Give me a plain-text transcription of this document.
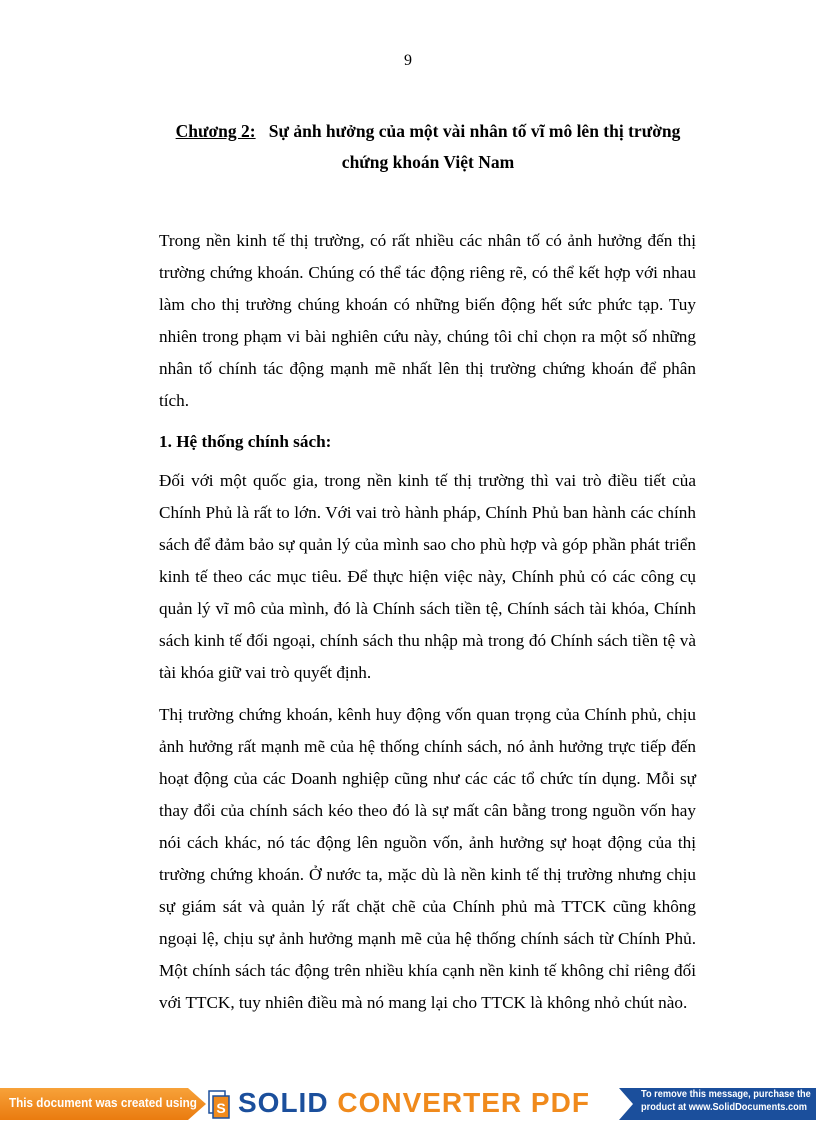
9
Chương 2: Sự ảnh hưởng của một vài nhân tố vĩ mô lên thị trường
chứng khoán Việt Nam

Trong nền kinh tế thị trường, có rất nhiều các nhân tố có ảnh hưởng đến thị trường chứng khoán. Chúng có thể tác động riêng rẽ, có thể kết hợp với nhau làm cho thị trường chúng khoán có những biến động hết sức phức tạp. Tuy nhiên trong phạm vi bài nghiên cứu này, chúng tôi chỉ chọn ra một số những nhân tố chính tác động mạnh mẽ nhất lên thị trường chứng khoán để phân tích.

1. Hệ thống chính sách:

Đối với một quốc gia, trong nền kinh tế thị trường thì vai trò điều tiết của Chính Phủ là rất to lớn. Với vai trò hành pháp, Chính Phủ ban hành các chính sách để đảm bảo sự quản lý của mình sao cho phù hợp và góp phần phát triển kinh tế theo các mục tiêu. Để thực hiện việc này, Chính phủ có các công cụ quản lý vĩ mô của mình, đó là Chính sách tiền tệ, Chính sách tài khóa, Chính sách kinh tế đối ngoại, chính sách thu nhập mà trong đó Chính sách tiền tệ và tài khóa giữ vai trò quyết định.

Thị trường chứng khoán, kênh huy động vốn quan trọng của Chính phủ, chịu ảnh hưởng rất mạnh mẽ của hệ thống chính sách, nó ảnh hưởng trực tiếp đến hoạt động của các Doanh nghiệp cũng như các các tổ chức tín dụng. Mỗi sự thay đổi của chính sách kéo theo đó là sự mất cân bằng trong nguồn vốn hay nói cách khác, nó tác động lên nguồn vốn, ảnh hưởng sự hoạt động của thị trường chứng khoán. Ở nước ta, mặc dù là nền kinh tế thị trường nhưng chịu sự giám sát và quản lý rất chặt chẽ của Chính phủ mà TTCK cũng không ngoại lệ, chịu sự ảnh hưởng mạnh mẽ của hệ thống chính sách từ Chính Phủ. Một chính sách tác động trên nhiều khía cạnh nền kinh tế không chỉ riêng đối với TTCK, tuy nhiên điều mà nó mang lại cho TTCK là không nhỏ chút nào.

This document was created using S SOLID CONVERTER PDF	To remove this message, purchase the
product at www.SolidDocuments.com
